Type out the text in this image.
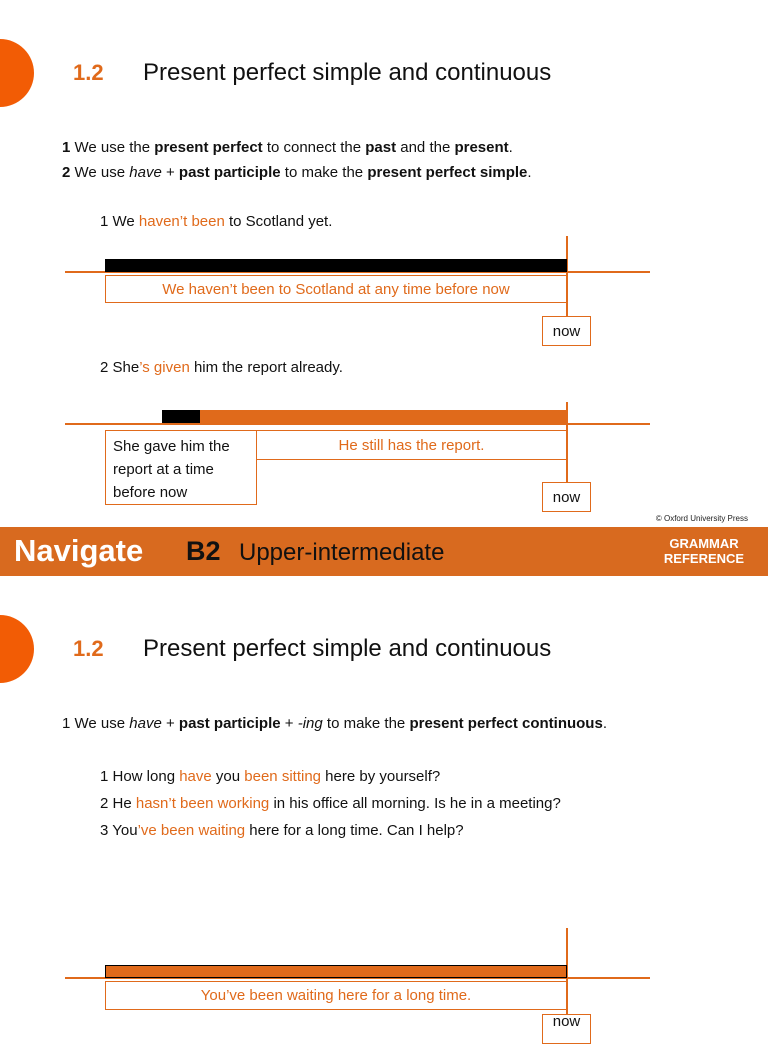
1.2 Present perfect simple and continuous
1 We use the present perfect to connect the past and the present.
2 We use have + past participle to make the present perfect simple.
1 We haven’t been to Scotland yet.
We haven’t been to Scotland at any time before now
now
2 She’s given him the report already.
She gave him the report at a time before now
He still has the report.
now
© Oxford University Press
Navigate B2 Upper-intermediate	GRAMMAR
REFERENCE
1.2 Present perfect simple and continuous
1 We use have + past participle + -ing to make the present perfect continuous.
1 How long have you been sitting here by yourself?
2 He hasn’t been working in his office all morning. Is he in a meeting?
3 You’ve been waiting here for a long time. Can I help?
You’ve been waiting here for a long time.
now
